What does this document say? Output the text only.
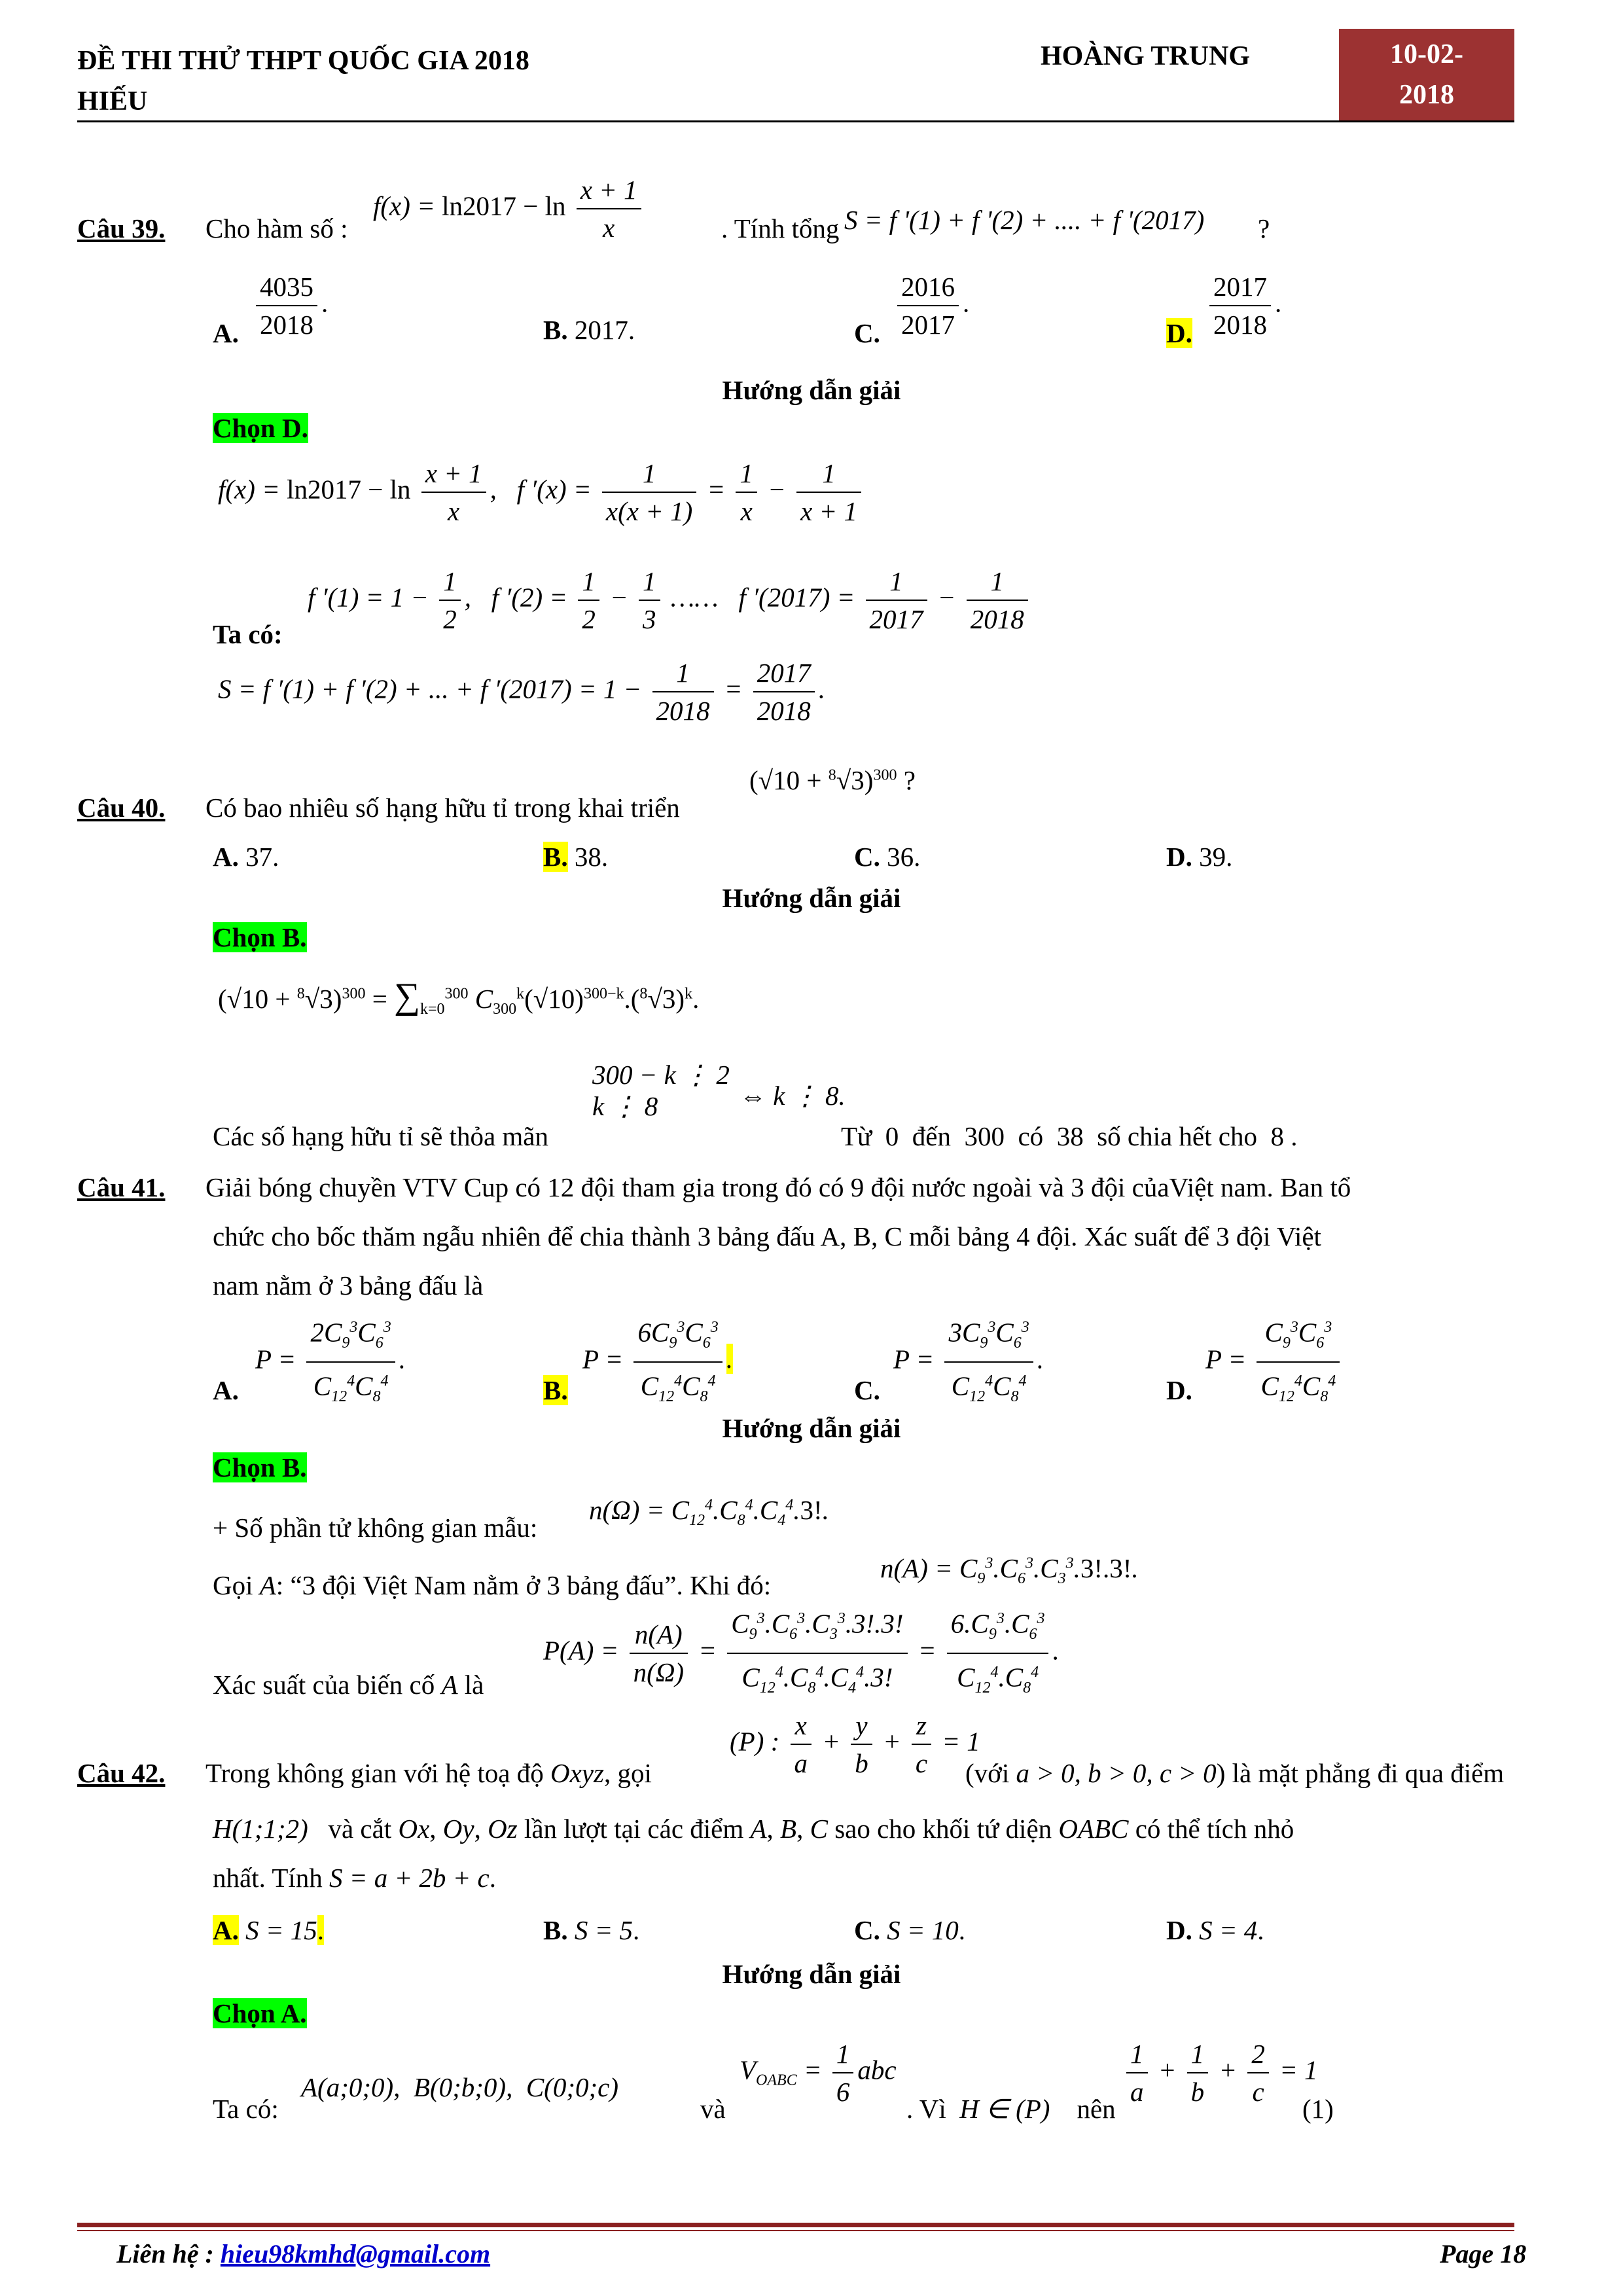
ĐỀ THI THỬ THPT QUỐC GIA 2018
HIẾU
HOÀNG TRUNG	10-02-
2018
Câu 39. Cho hàm số :
$f(x) = \ln 2017 - \ln \frac{x + 1}{x}$	. Tính tổng S = f '(1) + f '(2) + .... + f '(2017) ?
A. $\frac{4035}{2018}$ .
B. 2017.	C. $\frac{2016}{2017}$ .
D. $\frac{2017}{2018}$ .
Hướng dẫn giải
Chọn D.
$f(x) = \ln 2017 - \ln \frac{x + 1}{x}$ ,   f $'(x) = \frac{1}{x(x + 1)} = \frac{1}{x} - \frac{1}{x + 1}$
Ta có:
f $'(1) = 1 - \frac{1}{2}$ ,   f $'(2) = \frac{1}{2} - \frac{1}{3}$ ……   f $'(2017) = \frac{1}{2017} - \frac{1}{2018}$
S = f ′(1) + f ′(2) + ... + f $'(2017) = 1 - \frac{1}{2018} = \frac{2017}{2018}$ .
Câu 40. Có bao nhiêu số hạng hữu tỉ trong khai triển
$(√10 + ^8√3)^{300}$ ?
A. 37.	B. 38.	C. 36.	D. 39.
Hướng dẫn giải
Chọn B.
$(√10 + ^8√3)^{300} = \sum_{k=0}^{300}$ $C_{300}^k(√10)^{300-k}.(^8√3)^k$.
300 − k ⋮ 2
k ⋮ 8	⇔ k ⋮ 8.
Các số hạng hữu tỉ sẽ thỏa mãn	Từ 0 đến 300 có 38 số chia hết cho 8 .
Câu 41. Giải bóng chuyền VTV Cup có 12 đội tham gia trong đó có 9 đội nước ngoài và 3 đội củaViệt nam. Ban tổ
chức cho bốc thăm ngẫu nhiên để chia thành 3 bảng đấu A, B, C mỗi bảng 4 đội. Xác suất để 3 đội Việt
nam nằm ở 3 bảng đấu là
A.
$P = \frac{2C_9^3C_6^3}{C_{12}^4C_8^4}$ .
B.
$P = \frac{6C_9^3C_6^3}{C_{12}^4C_8^4}$ .
C.
$P = \frac{3C_9^3C_6^3}{C_{12}^4C_8^4}$ .
D.
$P = \frac{C_9^3C_6^3}{C_{12}^4C_8^4}$
Hướng dẫn giải
Chọn B.
+ Số phần tử không gian mẫu:
$n(\Omega) = C_{12}^4.C_8^4.C_4^4.3$!.
Gọi A: “3 đội Việt Nam nằm ở 3 bảng đấu”. Khi đó:
$n(A) = C_9^3.C_6^3.C_3^3.3!.3$!.
Xác suất của biến cố A là
$P(A) = \frac{n(A)}{n(\Omega)} = \frac{C_9^3.C_6^3.C_3^3.3!.3!}{C_{12}^4.C_8^4.C_4^4.3!} = \frac{6.C_9^3.C_6^3}{C_{12}^4.C_8^4}$ .
Câu 42. Trong không gian với hệ toạ độ Oxyz, gọi
(P) : $\frac{x}{a} + \frac{y}{b} + \frac{z}{c} = 1$
(với a > 0, b > 0, c > 0) là mặt phẳng đi qua điểm
H(1;1;2) và cắt Ox, Oy, Oz lần lượt tại các điểm A, B, C sao cho khối tứ diện OABC có thể tích nhỏ
nhất. Tính S = a + 2b + c.
A. S = 15.	B. S = 5.	C. S = 10.	D. S = 4.
Hướng dẫn giải
Chọn A.
Ta có:
A(a;0;0),  B(0;b;0),  C(0;0;c)
và
$V_{OABC} = \frac{1}{6}$ abc
. Vì H ∈ (P) nên $\frac{1}{a} + \frac{1}{b} + \frac{2}{c} = 1$
(1)
Liên hệ : hieu98kmhd@gmail.com	Page 18
